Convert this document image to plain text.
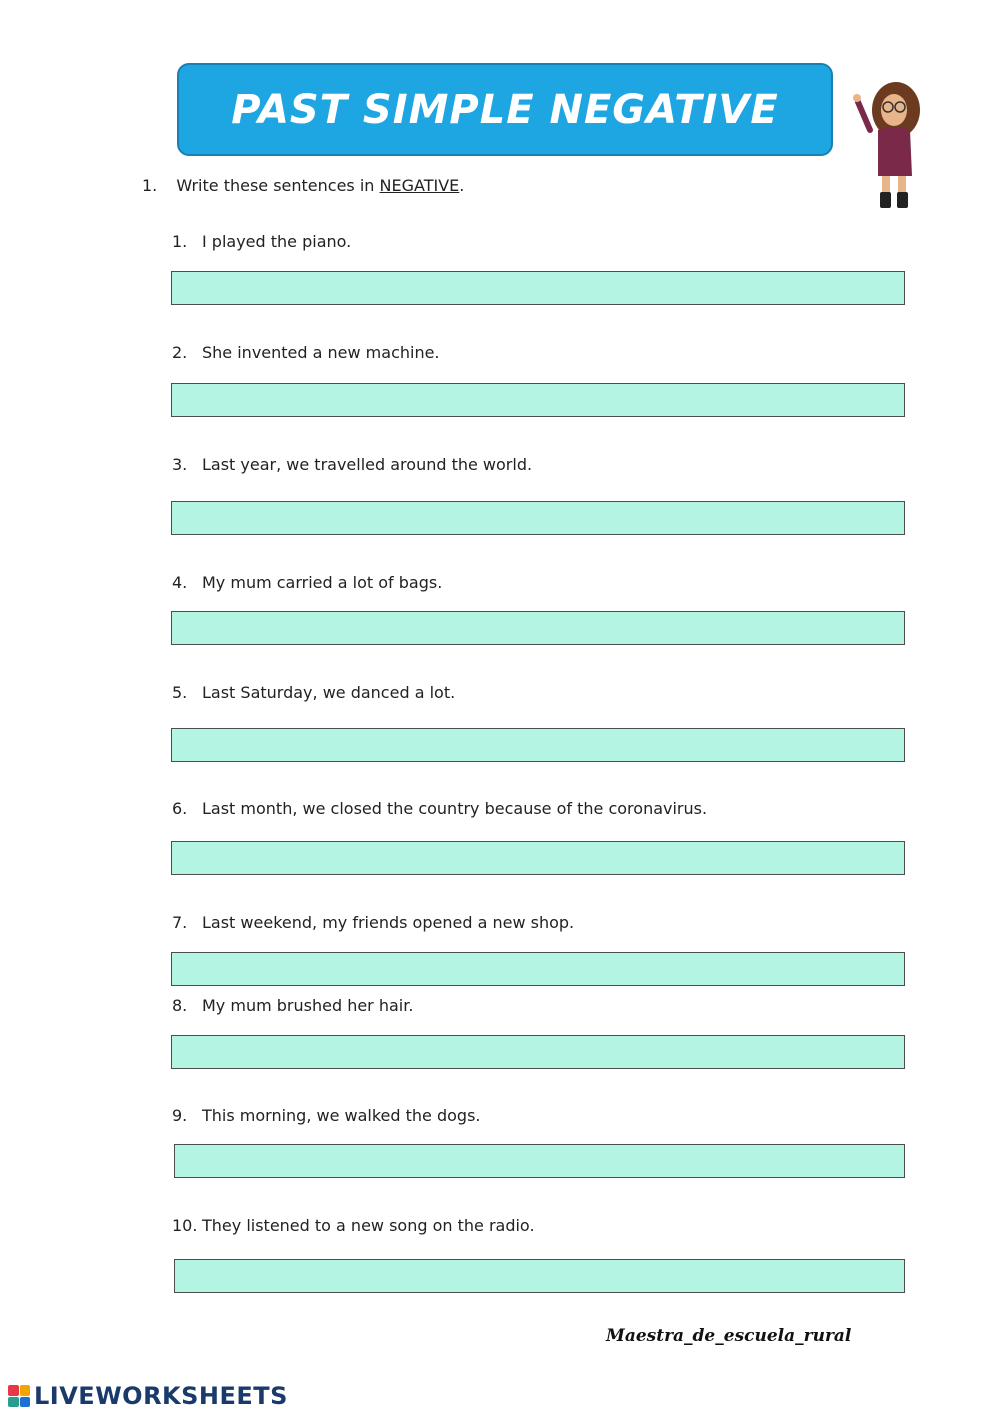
PAST SIMPLE NEGATIVE
1. Write these sentences in NEGATIVE.
1. I played the piano.
2. She invented a new machine.
3. Last year, we travelled around the world.
4. My mum carried a lot of bags.
5. Last Saturday, we danced a lot.
6. Last month, we closed the country because of the coronavirus.
7. Last weekend, my friends opened a new shop.
8. My mum brushed her hair.
9. This morning, we walked the dogs.
10. They listened to a new song on the radio.
Maestra_de_escuela_rural
LIVEWORKSHEETS
